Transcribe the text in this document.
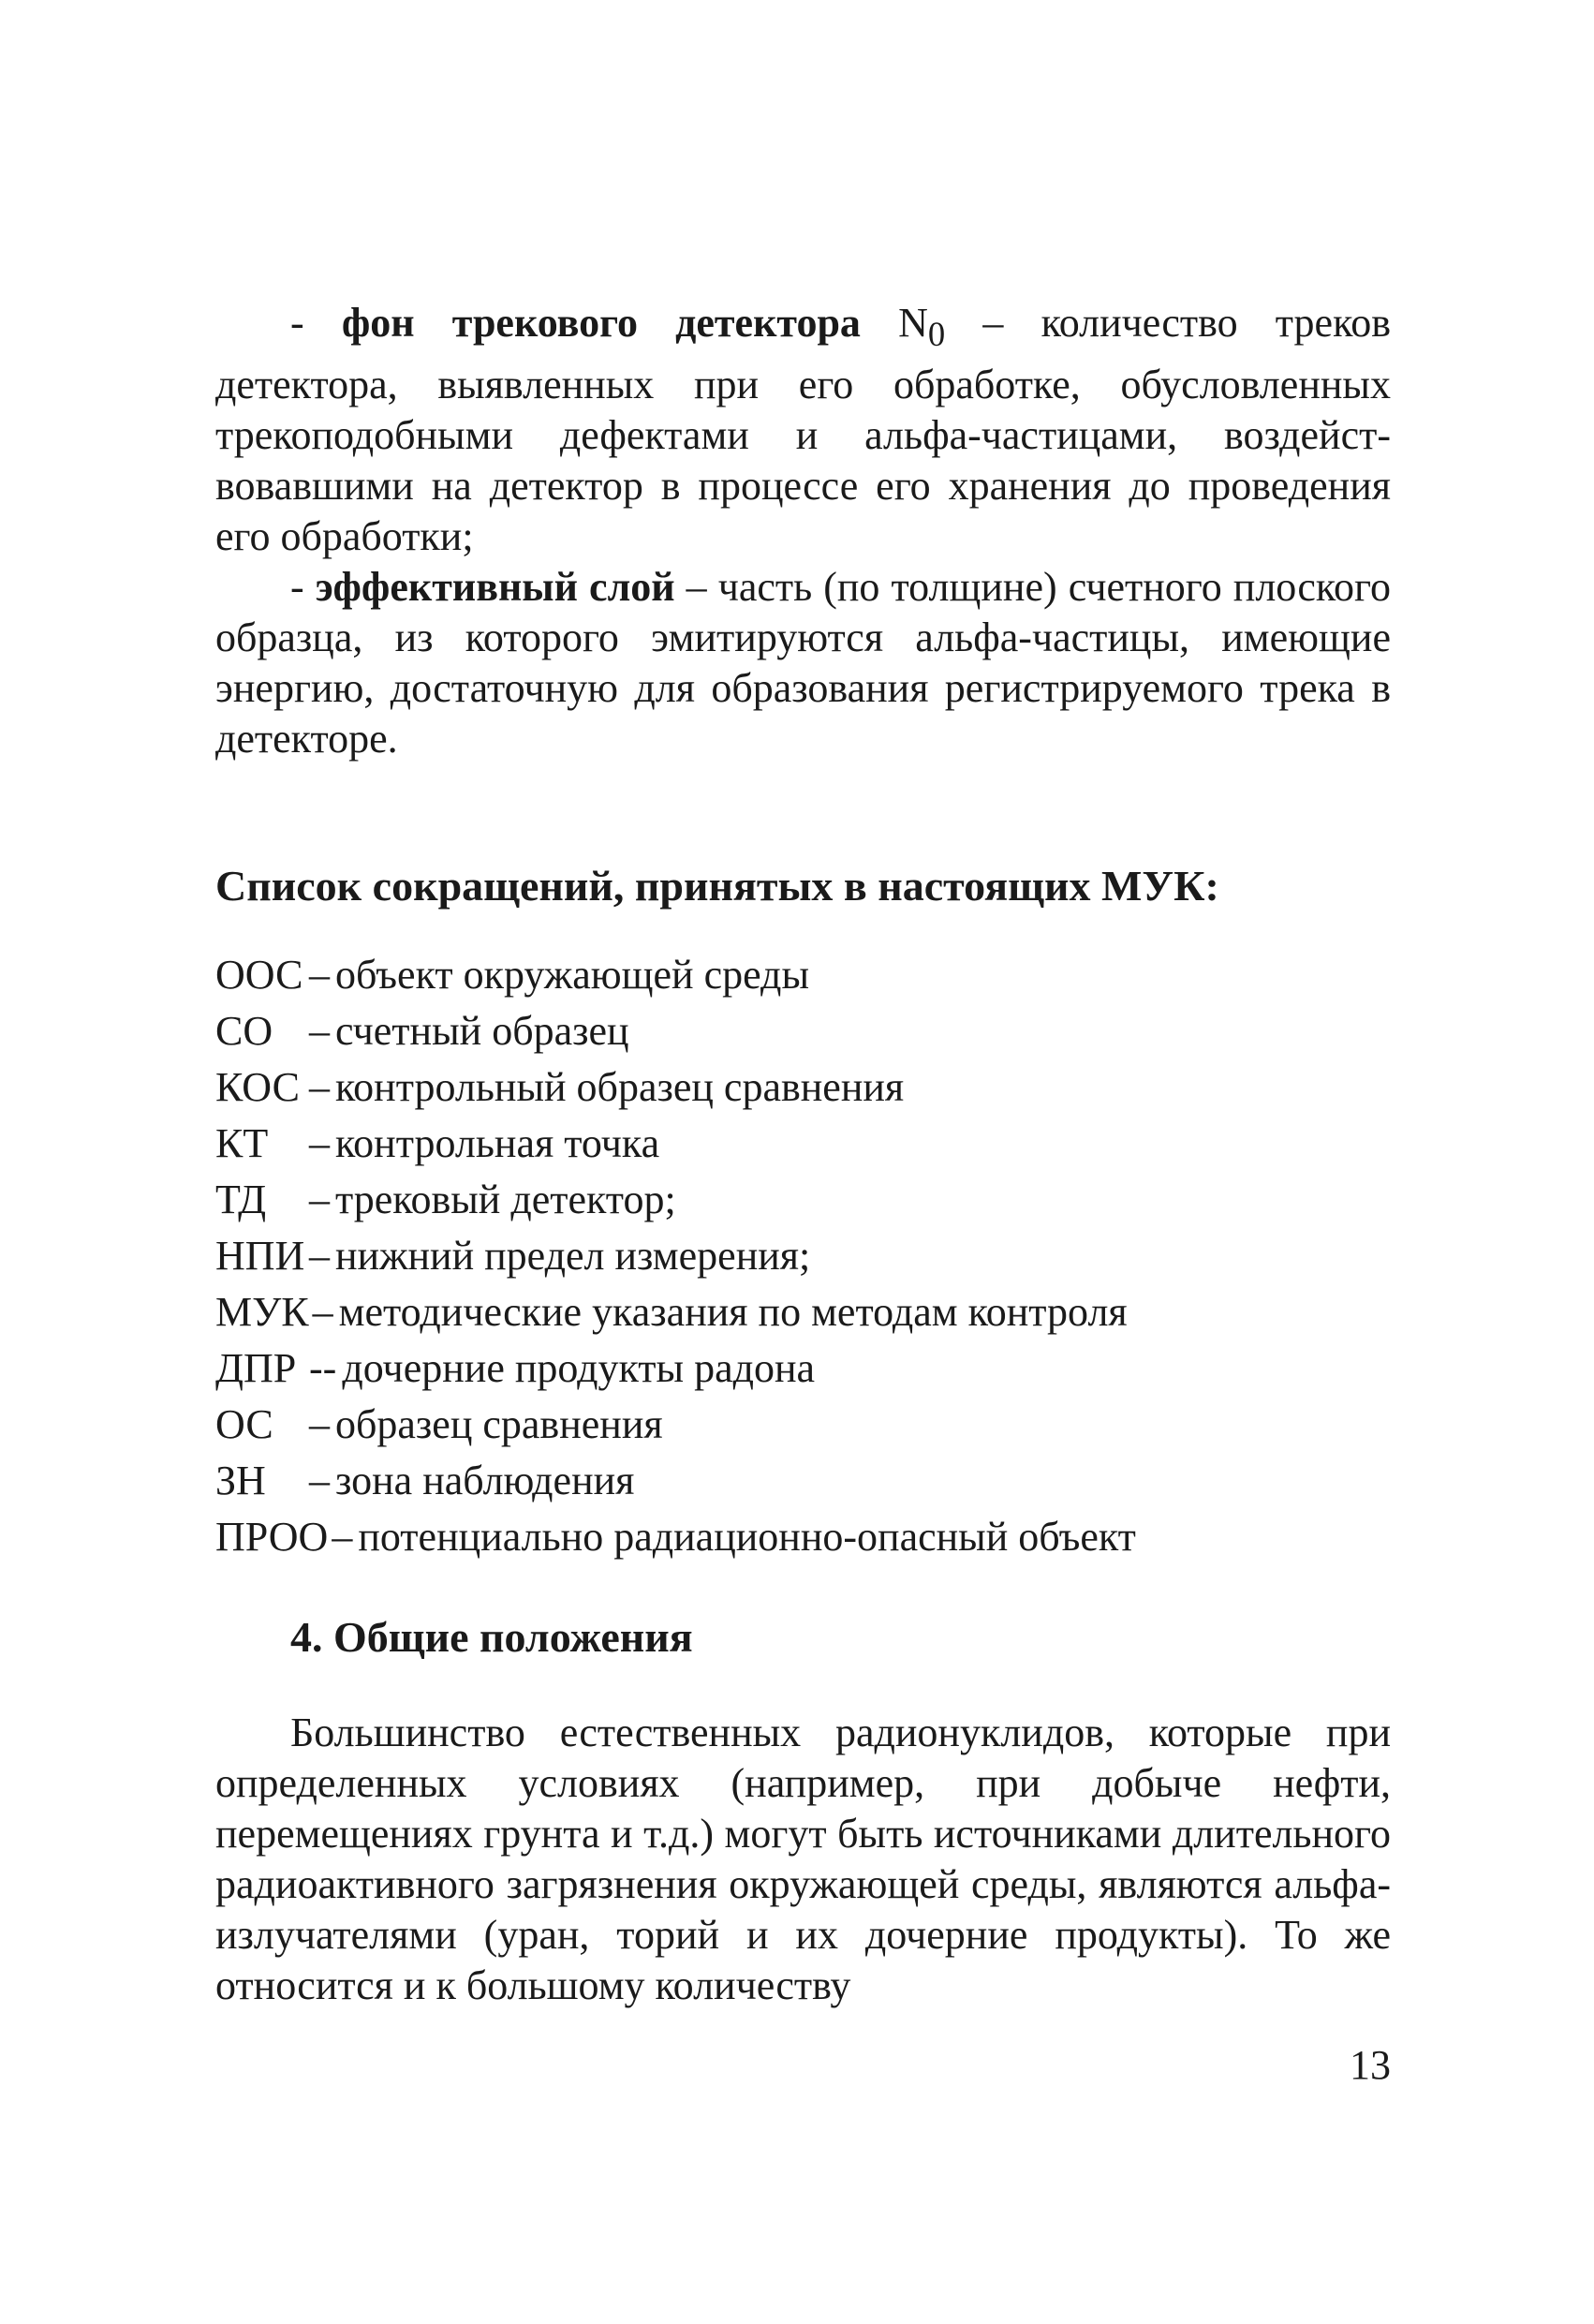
- фон трекового детектора $N_0$ – количество треков детектора, выявленных при его обработке, обусловленных трекоподобными дефектами и альфа-частицами, воздейст-вовавшими на детектор в процессе его хранения до проведения его обработки;

- эффективный слой – часть (по толщине) счетного плоского образца, из которого эмитируются альфа-частицы, имеющие энергию, достаточную для образования регистрируемого трека в детекторе.

Список сокращений, принятых в настоящих МУК:
ООС – объект окружающей среды
СО – счетный образец
КОС – контрольный образец сравнения
КТ – контрольная точка
ТД	– трековый детектор;
НПИ – нижний предел измерения;
МУК – методические указания по методам контроля
ДПР -- дочерние продукты радона
ОС – образец сравнения
ЗН	– зона наблюдения
ПРОО – потенциально радиационно-опасный объект
4. Общие положения

Большинство естественных радионуклидов, которые при определенных условиях (например, при добыче нефти, перемещениях грунта и т.д.) могут быть источниками длительного радиоактивного загрязнения окружающей среды, являются альфа-излучателями (уран, торий и их дочерние продукты). То же относится и к большому количеству

13
